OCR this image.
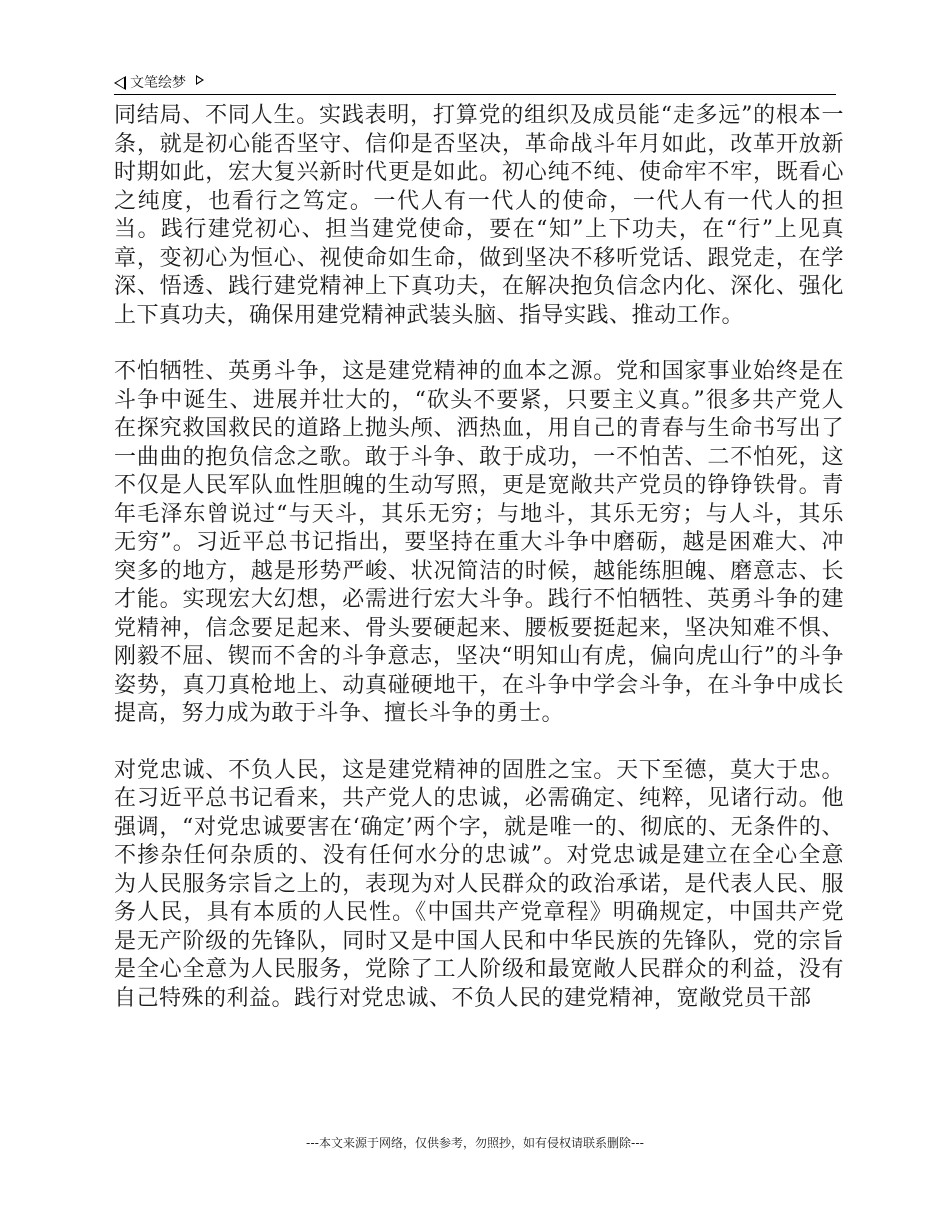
文笔绘梦

同结局、不同人生。实践表明，打算党的组织及成员能“走多远”的根本一条，就是初心能否坚守、信仰是否坚决，革命战斗年月如此，改革开放新时期如此，宏大复兴新时代更是如此。初心纯不纯、使命牢不牢，既看心之纯度，也看行之笃定。一代人有一代人的使命，一代人有一代人的担当。践行建党初心、担当建党使命，要在“知”上下功夫，在“行”上见真章，变初心为恒心、视使命如生命，做到坚决不移听党话、跟党走，在学深、悟透、践行建党精神上下真功夫，在解决抱负信念内化、深化、强化上下真功夫，确保用建党精神武装头脑、指导实践、推动工作。

不怕牺牲、英勇斗争，这是建党精神的血本之源。党和国家事业始终是在斗争中诞生、进展并壮大的，“砍头不要紧，只要主义真。”很多共产党人在探究救国救民的道路上抛头颅、洒热血，用自己的青春与生命书写出了一曲曲的抱负信念之歌。敢于斗争、敢于成功，一不怕苦、二不怕死，这不仅是人民军队血性胆魄的生动写照，更是宽敞共产党员的铮铮铁骨。青年毛泽东曾说过“与天斗，其乐无穷；与地斗，其乐无穷；与人斗，其乐无穷”。习近平总书记指出，要坚持在重大斗争中磨砺，越是困难大、冲突多的地方，越是形势严峻、状况简洁的时候，越能练胆魄、磨意志、长才能。实现宏大幻想，必需进行宏大斗争。践行不怕牺牲、英勇斗争的建党精神，信念要足起来、骨头要硬起来、腰板要挺起来，坚决知难不惧、刚毅不屈、锲而不舍的斗争意志，坚决“明知山有虎，偏向虎山行”的斗争姿势，真刀真枪地上、动真碰硬地干，在斗争中学会斗争，在斗争中成长提高，努力成为敢于斗争、擅长斗争的勇士。

对党忠诚、不负人民，这是建党精神的固胜之宝。天下至德，莫大于忠。在习近平总书记看来，共产党人的忠诚，必需确定、纯粹，见诸行动。他强调，“对党忠诚要害在‘确定’两个字，就是唯一的、彻底的、无条件的、不掺杂任何杂质的、没有任何水分的忠诚”。对党忠诚是建立在全心全意为人民服务宗旨之上的，表现为对人民群众的政治承诺，是代表人民、服务人民，具有本质的人民性。《中国共产党章程》明确规定，中国共产党是无产阶级的先锋队，同时又是中国人民和中华民族的先锋队，党的宗旨是全心全意为人民服务，党除了工人阶级和最宽敞人民群众的利益，没有自己特殊的利益。践行对党忠诚、不负人民的建党精神，宽敞党员干部

---本文来源于网络，仅供参考，勿照抄，如有侵权请联系删除---
